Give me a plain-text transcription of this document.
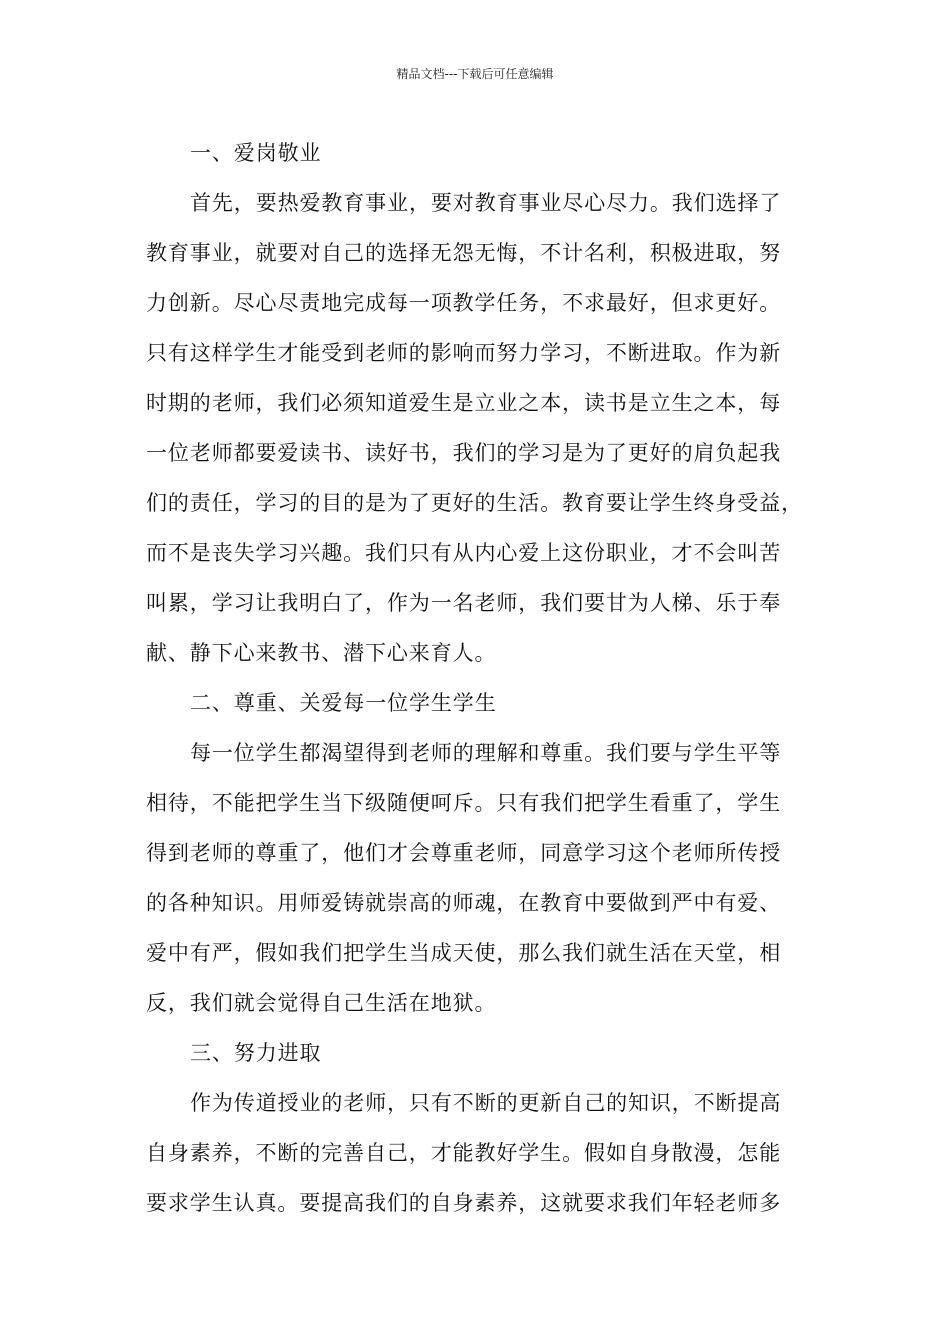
精品文档---下载后可任意编辑
一、爱岗敬业
首先，要热爱教育事业，要对教育事业尽心尽力。我们选择了
教育事业，就要对自己的选择无怨无悔，不计名利，积极进取，努
力创新。尽心尽责地完成每一项教学任务，不求最好，但求更好。
只有这样学生才能受到老师的影响而努力学习，不断进取。作为新
时期的老师，我们必须知道爱生是立业之本，读书是立生之本，每
一位老师都要爱读书、读好书，我们的学习是为了更好的肩负起我
们的责任，学习的目的是为了更好的生活。教育要让学生终身受益，
而不是丧失学习兴趣。我们只有从内心爱上这份职业，才不会叫苦
叫累，学习让我明白了，作为一名老师，我们要甘为人梯、乐于奉
献、静下心来教书、潜下心来育人。
二、尊重、关爱每一位学生学生
每一位学生都渴望得到老师的理解和尊重。我们要与学生平等
相待，不能把学生当下级随便呵斥。只有我们把学生看重了，学生
得到老师的尊重了，他们才会尊重老师，同意学习这个老师所传授
的各种知识。用师爱铸就崇高的师魂，在教育中要做到严中有爱、
爱中有严，假如我们把学生当成天使，那么我们就生活在天堂，相
反，我们就会觉得自己生活在地狱。
三、努力进取
作为传道授业的老师，只有不断的更新自己的知识，不断提高
自身素养，不断的完善自己，才能教好学生。假如自身散漫，怎能
要求学生认真。要提高我们的自身素养，这就要求我们年轻老师多
